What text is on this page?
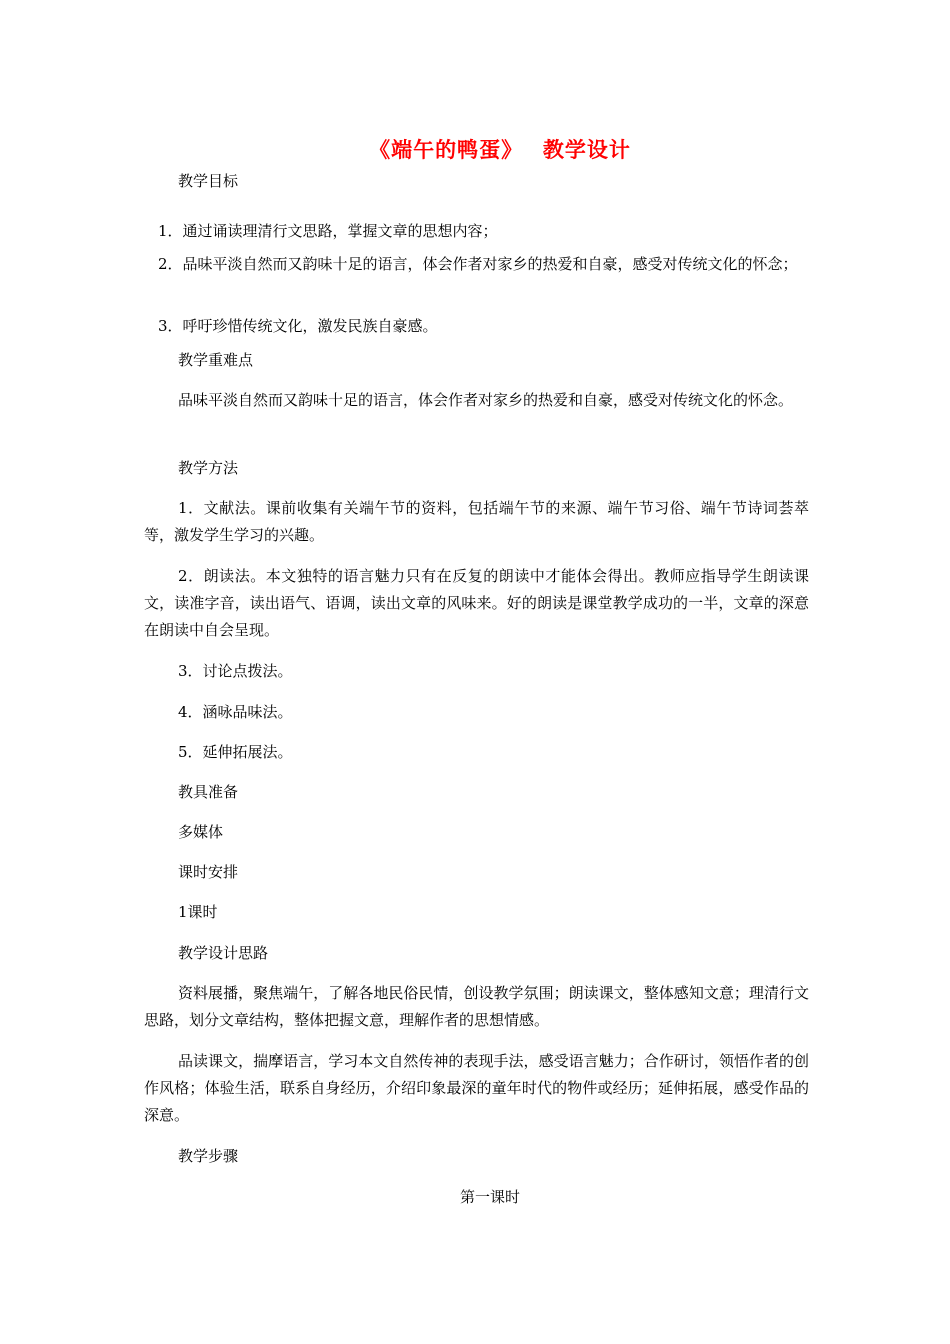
《端午的鸭蛋》　 教学设计
教学目标
1．通过诵读理清行文思路，掌握文章的思想内容；
2．品味平淡自然而又韵味十足的语言，体会作者对家乡的热爱和自豪，感受对传统文化的怀念；
3．呼吁珍惜传统文化，激发民族自豪感。
教学重难点
品味平淡自然而又韵味十足的语言，体会作者对家乡的热爱和自豪，感受对传统文化的怀念。
教学方法
1．文献法。课前收集有关端午节的资料，包括端午节的来源、端午节习俗、端午节诗词荟萃等，激发学生学习的兴趣。
2．朗读法。本文独特的语言魅力只有在反复的朗读中才能体会得出。教师应指导学生朗读课文，读准字音，读出语气、语调，读出文章的风味来。好的朗读是课堂教学成功的一半，文章的深意在朗读中自会呈现。
3．讨论点拨法。
4．涵咏品味法。
5．延伸拓展法。
教具准备
多媒体
课时安排
1课时
教学设计思路
资料展播，聚焦端午，了解各地民俗民情，创设教学氛围；朗读课文，整体感知文意；理清行文思路，划分文章结构，整体把握文意，理解作者的思想情感。
品读课文，揣摩语言，学习本文自然传神的表现手法，感受语言魅力；合作研讨，领悟作者的创作风格；体验生活，联系自身经历，介绍印象最深的童年时代的物件或经历；延伸拓展，感受作品的深意。
教学步骤
第一课时
